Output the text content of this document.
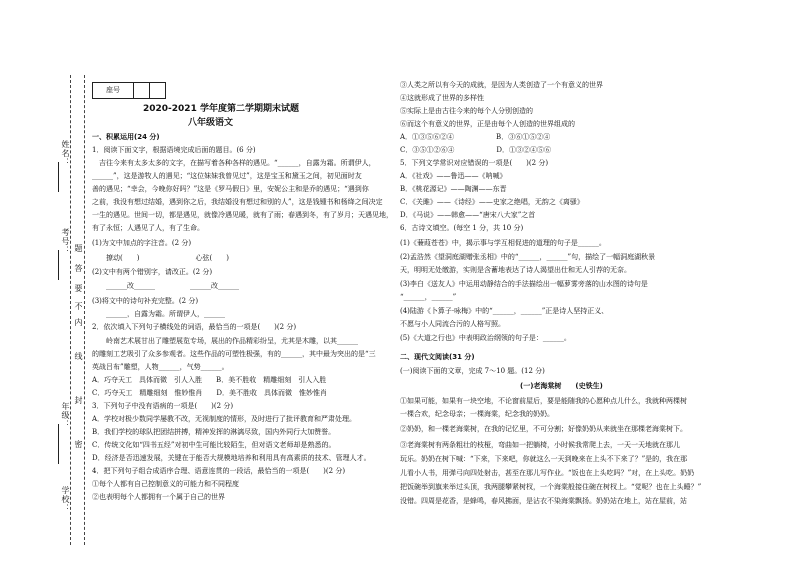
姓名：
考号：
年级：
学校：
密
封
线
内
不
要
答
题
座号
2020-2021 学年度第二学期期末试题
八年级语文
一、积累运用(24 分)
1．阅读下面文字，根据语境完成后面的题目。(6 分)
　吉往今来有太多太多的文字，在描写着各种各样的遇见。“______，自露为霜。所谓伊人，
______”，这是游牧人的遇见；“这位妹妹我曾见过”，这是宝玉和黛玉之间，初见面时友
善的遇见；“幸会，今晚你好吗？”这是《罗马假日》里，安妮公主和是乔的遇见；“遇到你
之前，我没有想过结婚，遇到你之后，我结婚没有想过和别的人”，这是钱锺书和杨绛之间决定
一生的遇见。世间一切，都是遇见，就像冷遇见暖，就有了雨；春遇到冬，有了岁月；天遇见地，
有了永恒；人遇见了人，有了生命。
(1)为文中加点的字注音。(2 分)
　　撩动(　　)　　　　　　　　心弦(　　)
(2)文中有两个错别字，请改正。(2 分)
　　______改______　　　　　______改______
(3)将文中的诗句补充完整。(2 分)
　　______，自露为霜。所谓伊人，______
2．依次填入下列句子横线处的词语，最恰当的一项是(　　)(2 分)
　　岭南艺术展甘出了雕塑展览专场，展出的作品精彩纷呈，尤其是木雕，以其______
的雕刻工艺吸引了众多参观者。这些作品的可塑性极强，有的______，其中最为突出的是“三
英战吕布”雕塑，人物______，气势______。
A．巧夺天工　具体而微　引人入胜　　B．美不胜收　精雕细刻　引人入胜
C．巧夺天工　精雕细刻　惟妙惟肖　　D．美不胜收　具体而微　惟妙惟肖
3．下列句子中没有语病的一项是(　　)(2 分)
A．学校对极少数同学屡教不改，无视制度的情形，及时进行了批评教育和严肃处理。
B．我们学校的球队把团结拼搏，精神发挥的淋漓尽致，国内外同行大加赞誉。
C．传统文化如“四书五经”对初中生可能比较陌生，但对语文老师却是熟悉的。
D．经济是否迅速发展，关键在于能否大规模地培养和利用具有高素质的技术、管理人才。
4．把下列句子组合成语序合理、语意连贯的一段话，最恰当的一项是(　　)(2 分)
①每个人都有自己控制意义的可能力和不同程度
②也表明每个人都拥有一个属于自己的世界
③人类之所以有今天的成就，是因为人类创造了一个有意义的世界
④这就形成了世界的多样性
⑤实际上是由古往今来的每个人分别创造的
⑥而这个有意义的世界，正是由每个人创造的世界组成的
A．①③⑤⑥②④　　　　　　B．③⑥①⑤②④
C．③⑤①②⑥④　　　　　　D．①③②④⑤⑥
5．下列文学常识对应错误的一项是(　　)(2 分)
A．《社戏》——鲁迅——《呐喊》
B．《桃花源记》——陶渊——东晋
C．《关雎》——《诗经》——史家之绝唱，无韵之《离骚》
D．《马说》——韩愈——“唐宋八大家”之首
6．古诗文填空。(每空 1 分，共 10 分)
(1)《蒹葭苍苍》中，揭示事与学互相促进的道理的句子是______。
(2)孟浩然《望洞庭湖赠张丞相》中的“______，______”句，描绘了一幅洞庭湖秋景
天，明明无处缴游，实则是含蓄地表达了诗人渴望出仕和无人引荐的无奈。
(3)李白《送友人》中运用动静结合的手法描绘出一幅萝雾旁落的山水图的诗句是
“______，______”
(4)陆游《卜算子·咏梅》中的“______，______”正是诗人坚持正义、
不愿与小人同流合污的人格写照。
(5)《大道之行也》中表明政治纲领的句子是：______。
二、现代文阅读(31 分)
(一)阅读下面的文章，完成 7～10 题。(12 分)
(一)老海棠树　　(史铁生)
①如果可能，如果有一块空地，不论窗前屋后，要是能随我的心愿种点儿什么，我就种两棵树
一棵合欢，纪念母亲；一棵海棠，纪念我的奶奶。
②奶奶，和一棵老海棠树，在我的记忆里，不可分割；好像奶奶从来就坐在那棵老海棠树下。
③老海棠树有两条粗壮的枝桠，弯曲如一把躺椅，小时候我常爬上去，一天一天地就在那儿
玩乐。奶奶在树下喊：“下来，下来吧，你就这么一天到晚来在上头不下来了？”是的，我在那
儿看小人书，用弹弓向四处射击，甚至在那儿写作业。“饭也在上头吃吗？”对，在上头吃。奶奶
把饭碗举到旗来举过头顶，我两腿攀紧树杈，一个海棠般接住碗在树杈上。“觉呢？也在上头睡？”
没错。四周是花香，是蜂鸣，春风拂面，是沾衣不染海棠飘扬。奶奶站在地上，站在屋前，站
